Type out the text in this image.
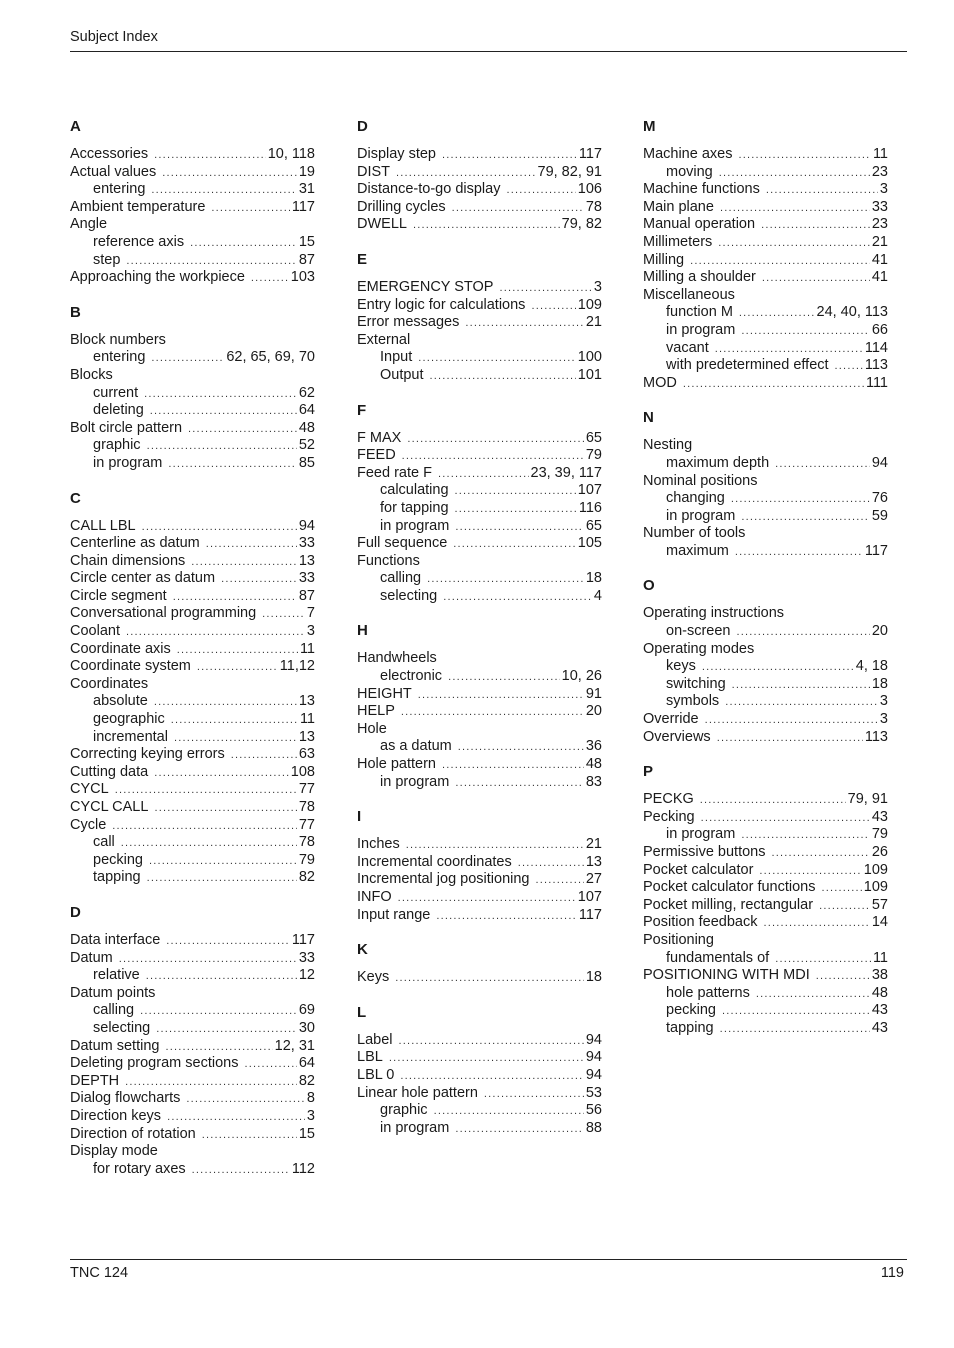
Subject Index
A
Accessories .....	10, 118
Actual values .....	19
entering .....	31
Ambient temperature .....	117
Angle
reference axis .....	15
step .....	87
Approaching the workpiece .....	103
B
Block numbers
entering .....	62, 65, 69, 70
Blocks
current .....	62
deleting .....	64
Bolt circle pattern .....	48
graphic .....	52
in program .....	85
C
CALL LBL .....	94
Centerline as datum .....	33
Chain dimensions .....	13
Circle center as datum .....	33
Circle segment .....	87
Conversational programming .....	7
Coolant .....	3
Coordinate axis .....	11
Coordinate system .....	11,12
Coordinates
absolute .....	13
geographic .....	11
incremental .....	13
Correcting keying errors .....	63
Cutting data .....	108
CYCL .....	77
CYCL CALL .....	78
Cycle .....	77
call .....	78
pecking .....	79
tapping .....	82
D
Data interface .....	117
Datum .....	33
relative .....	12
Datum points
calling .....	69
selecting .....	30
Datum setting .....	12, 31
Deleting program sections .....	64
DEPTH .....	82
Dialog flowcharts .....	8
Direction keys .....	3
Direction of rotation .....	15
Display mode
for rotary axes .....	112
D
Display step .....	117
DIST .....	79, 82, 91
Distance-to-go display .....	106
Drilling cycles .....	78
DWELL .....	79, 82
E
EMERGENCY STOP .....	3
Entry logic for calculations .....	109
Error messages .....	21
External
Input .....	100
Output .....	101
F
F MAX .....	65
FEED .....	79
Feed rate F .....	23, 39, 117
calculating .....	107
for tapping .....	116
in program .....	65
Full sequence .....	105
Functions
calling .....	18
selecting .....	4
H
Handwheels
electronic .....	10, 26
HEIGHT .....	91
HELP .....	20
Hole
as a datum .....	36
Hole pattern .....	48
in program .....	83
I
Inches .....	21
Incremental coordinates .....	13
Incremental jog positioning .....	27
INFO .....	107
Input range .....	117
K
Keys .....	18
L
Label .....	94
LBL .....	94
LBL 0 .....	94
Linear hole pattern .....	53
graphic .....	56
in program .....	88
M
Machine axes .....	11
moving .....	23
Machine functions .....	3
Main plane .....	33
Manual operation .....	23
Millimeters .....	21
Milling .....	41
Milling a shoulder .....	41
Miscellaneous
function M .....	24, 40, 113
in program .....	66
vacant .....	114
with predetermined effect .....	113
MOD .....	111
N
Nesting
maximum depth .....	94
Nominal positions
changing .....	76
in program .....	59
Number of tools
maximum .....	117
O
Operating instructions
on-screen .....	20
Operating modes
keys .....	4, 18
switching .....	18
symbols .....	3
Override .....	3
Overviews .....	113
P
PECKG .....	79, 91
Pecking .....	43
in program .....	79
Permissive buttons .....	26
Pocket calculator .....	109
Pocket calculator functions .....	109
Pocket milling, rectangular .....	57
Position feedback .....	14
Positioning
fundamentals of .....	11
POSITIONING WITH MDI .....	38
hole patterns .....	48
pecking .....	43
tapping .....	43
TNC 124	119
